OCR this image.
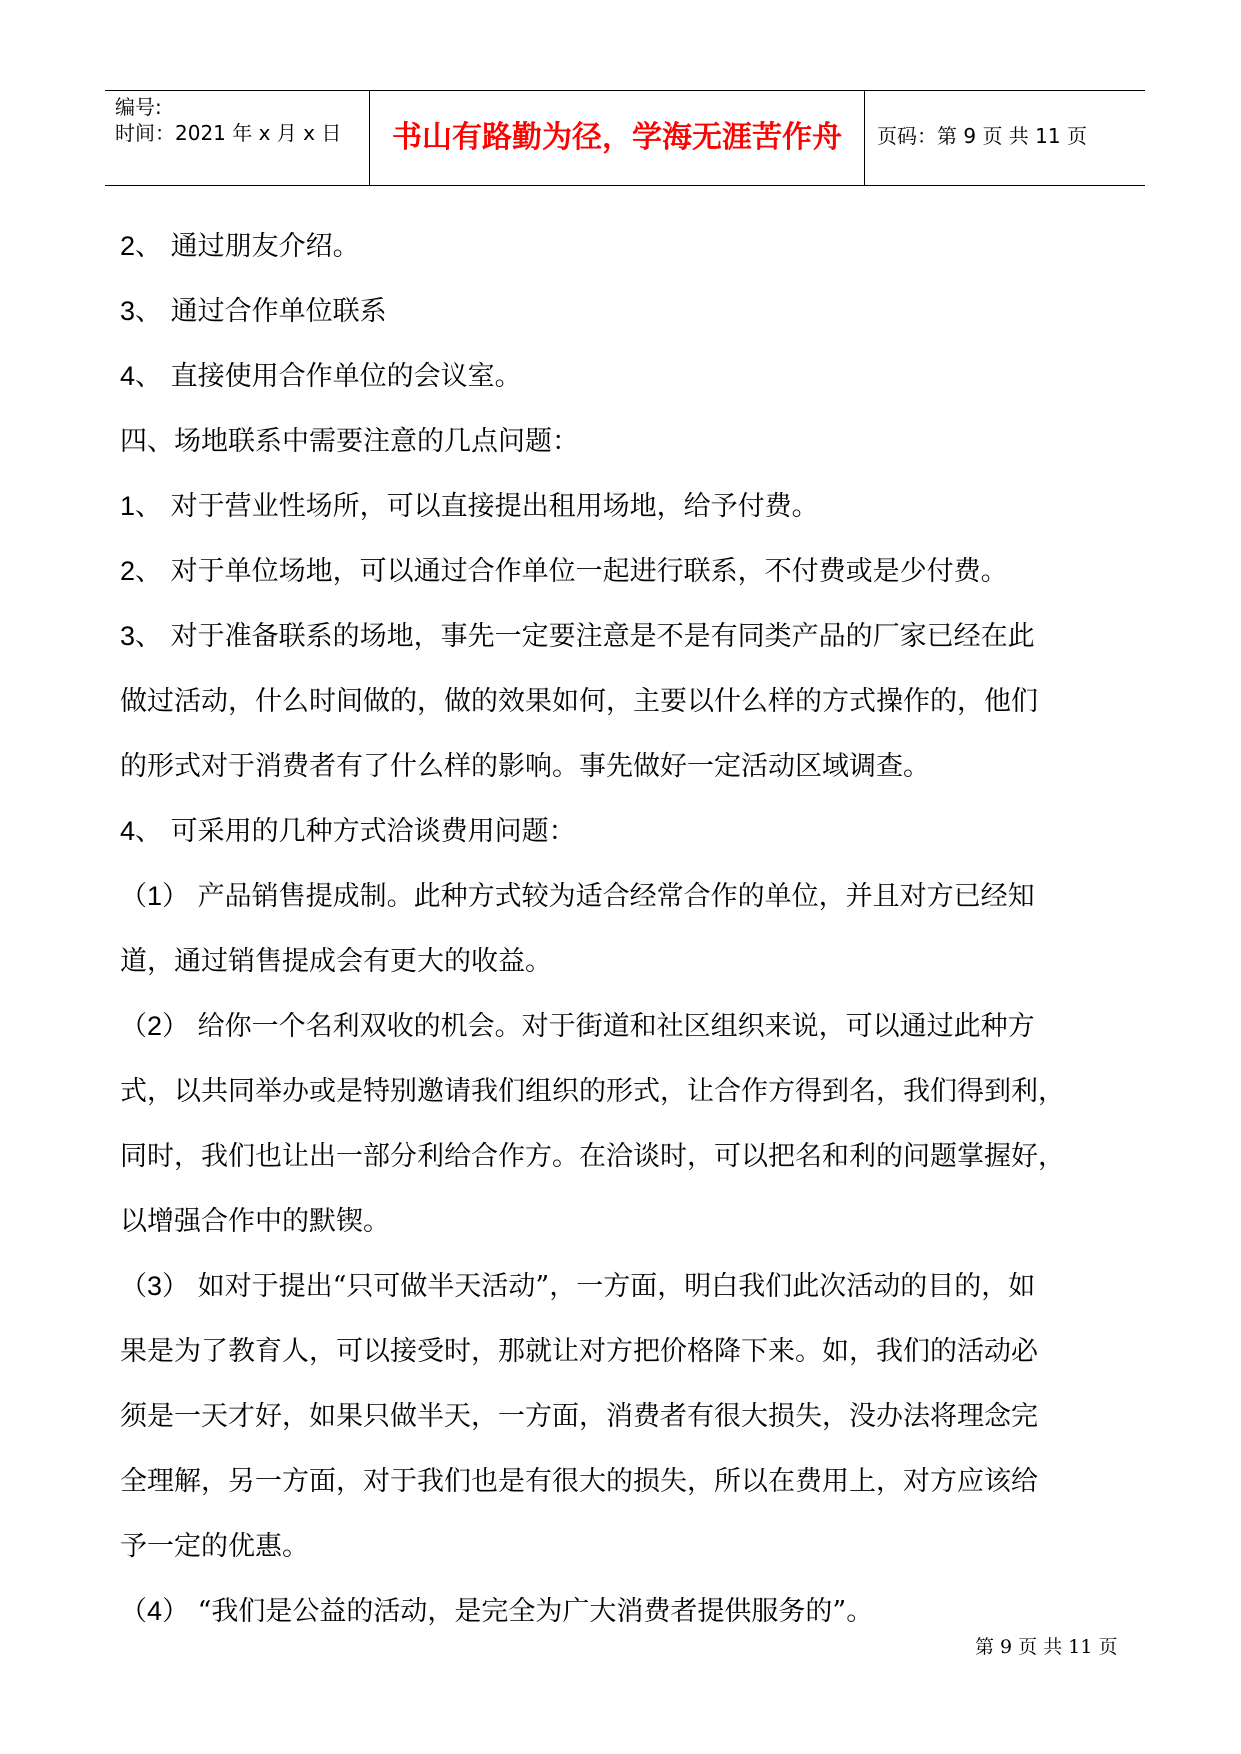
编号:
时间：2021 年 x 月 x 日	书山有路勤为径，学海无涯苦作舟	页码：第 9 页 共 11 页

2、 通过朋友介绍。

3、 通过合作单位联系

4、 直接使用合作单位的会议室。

四、场地联系中需要注意的几点问题：

1、 对于营业性场所，可以直接提出租用场地，给予付费。

2、 对于单位场地，可以通过合作单位一起进行联系，不付费或是少付费。

3、 对于准备联系的场地，事先一定要注意是不是有同类产品的厂家已经在此

做过活动，什么时间做的，做的效果如何，主要以什么样的方式操作的，他们

的形式对于消费者有了什么样的影响。事先做好一定活动区域调查。

4、 可采用的几种方式洽谈费用问题：

（1） 产品销售提成制。此种方式较为适合经常合作的单位，并且对方已经知

道，通过销售提成会有更大的收益。

（2） 给你一个名利双收的机会。对于街道和社区组织来说，可以通过此种方

式，以共同举办或是特别邀请我们组织的形式，让合作方得到名，我们得到利，

同时，我们也让出一部分利给合作方。在洽谈时，可以把名和利的问题掌握好，

以增强合作中的默锲。

（3） 如对于提出“只可做半天活动”，一方面，明白我们此次活动的目的，如

果是为了教育人，可以接受时，那就让对方把价格降下来。如，我们的活动必

须是一天才好，如果只做半天，一方面，消费者有很大损失，没办法将理念完

全理解，另一方面，对于我们也是有很大的损失，所以在费用上，对方应该给

予一定的优惠。

（4） “我们是公益的活动，是完全为广大消费者提供服务的”。

第 9 页 共 11 页
